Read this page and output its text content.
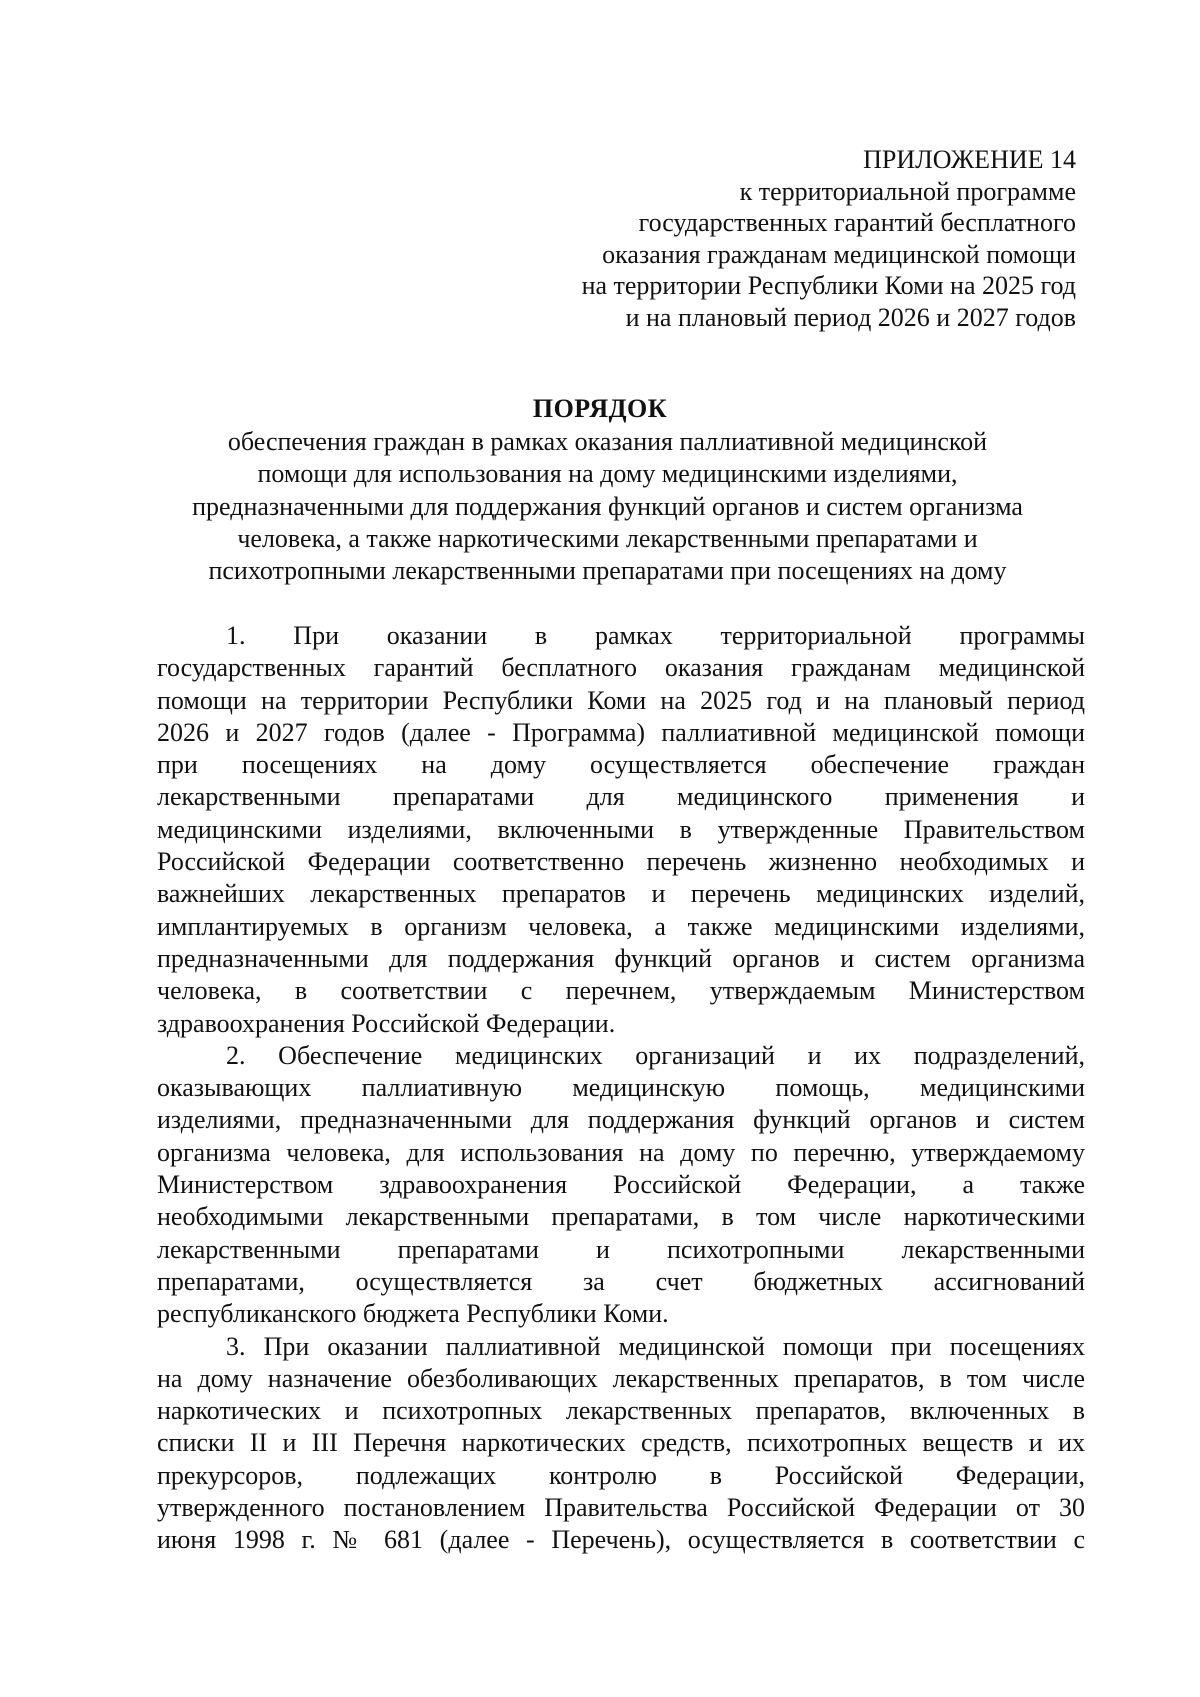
ПРИЛОЖЕНИЕ 14
к территориальной программе
государственных гарантий бесплатного
оказания гражданам медицинской помощи
на территории Республики Коми на 2025 год
и на плановый период 2026 и 2027 годов
ПОРЯДОК
обеспечения граждан в рамках оказания паллиативной медицинской
помощи для использования на дому медицинскими изделиями,
предназначенными для поддержания функций органов и систем организма
человека, а также наркотическими лекарственными препаратами и
психотропными лекарственными препаратами при посещениях на дому
1. При оказании в рамках территориальной программы
государственных гарантий бесплатного оказания гражданам медицинской
помощи на территории Республики Коми на 2025 год и на плановый период
2026 и 2027 годов (далее - Программа) паллиативной медицинской помощи
при посещениях на дому осуществляется обеспечение граждан
лекарственными препаратами для медицинского применения и
медицинскими изделиями, включенными в утвержденные Правительством
Российской Федерации соответственно перечень жизненно необходимых и
важнейших лекарственных препаратов и перечень медицинских изделий,
имплантируемых в организм человека, а также медицинскими изделиями,
предназначенными для поддержания функций органов и систем организма
человека, в соответствии с перечнем, утверждаемым Министерством
здравоохранения Российской Федерации.
2. Обеспечение медицинских организаций и их подразделений,
оказывающих паллиативную медицинскую помощь, медицинскими
изделиями, предназначенными для поддержания функций органов и систем
организма человека, для использования на дому по перечню, утверждаемому
Министерством здравоохранения Российской Федерации, а также
необходимыми лекарственными препаратами, в том числе наркотическими
лекарственными препаратами и психотропными лекарственными
препаратами, осуществляется за счет бюджетных ассигнований
республиканского бюджета Республики Коми.
3. При оказании паллиативной медицинской помощи при посещениях
на дому назначение обезболивающих лекарственных препаратов, в том числе
наркотических и психотропных лекарственных препаратов, включенных в
списки II и III Перечня наркотических средств, психотропных веществ и их
прекурсоров, подлежащих контролю в Российской Федерации,
утвержденного постановлением Правительства Российской Федерации от 30
июня 1998 г. № 681 (далее - Перечень), осуществляется в соответствии с
